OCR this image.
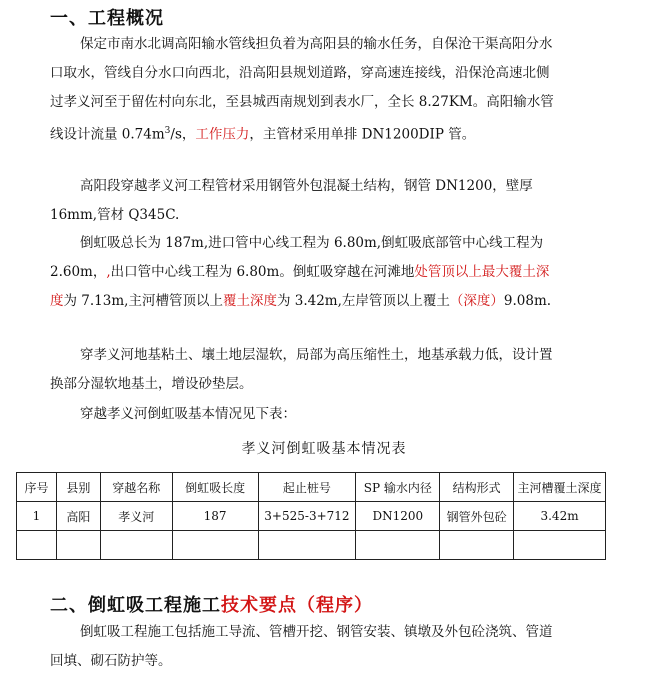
一、工程概况

保定市南水北调高阳输水管线担负着为高阳县的输水任务，自保沧干渠高阳分水口取水，管线自分水口向西北，沿高阳县规划道路，穿高速连接线，沿保沧高速北侧过孝义河至于留佐村向东北，至县城西南规划到表水厂，全长 8.27KM。高阳输水管线设计流量 $0.74m^3/s$，工作压力，主管材采用单排 DN1200DIP 管。

高阳段穿越孝义河工程管材采用钢管外包混凝土结构，钢管 DN1200，壁厚 16mm,管材 Q345C.

倒虹吸总长为 187m,进口管中心线工程为 6.80m,倒虹吸底部管中心线工程为 2.60m，,出口管中心线工程为 6.80m。倒虹吸穿越在河滩地处管顶以上最大覆土深度为 7.13m,主河槽管顶以上覆土深度为 3.42m,左岸管顶以上覆土（深度）9.08m.

穿孝义河地基粘土、壤土地层湿软，局部为高压缩性土，地基承载力低，设计置换部分湿软地基土，增设砂垫层。

穿越孝义河倒虹吸基本情况见下表：

孝义河倒虹吸基本情况表
序号	县别	穿越名称	倒虹吸长度	起止桩号	SP 输水内径	结构形式	主河槽覆土深度
1	高阳	孝义河	187	3+525-3+712	DN1200	钢管外包砼	3.42m

二、倒虹吸工程施工技术要点（程序）

倒虹吸工程施工包括施工导流、管槽开挖、钢管安装、镇墩及外包砼浇筑、管道回填、砌石防护等。
